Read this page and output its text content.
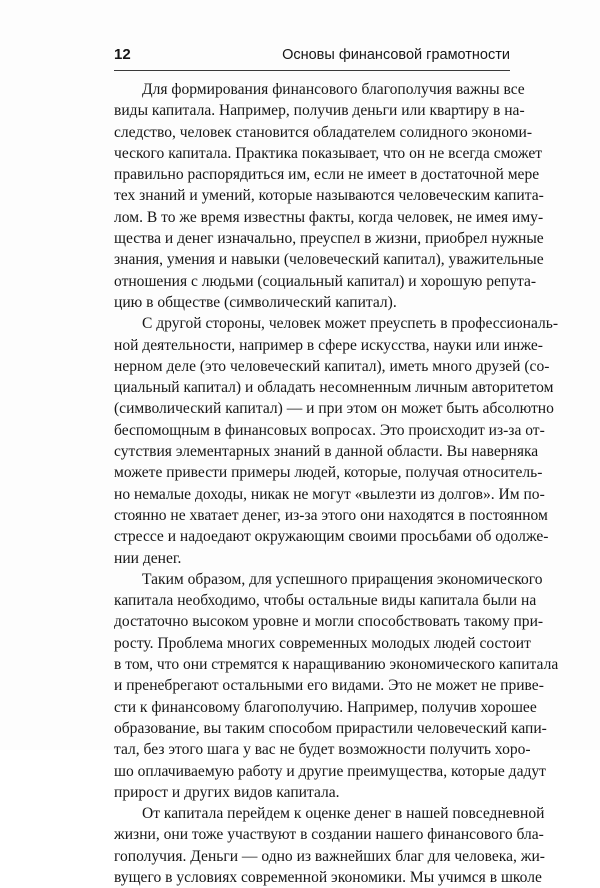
12	Основы финансовой грамотности
Для формирования финансового благополучия важны все
виды капитала. Например, получив деньги или квартиру в на-
следство, человек становится обладателем солидного экономи-
ческого капитала. Практика показывает, что он не всегда сможет
правильно распорядиться им, если не имеет в достаточной мере
тех знаний и умений, которые называются человеческим капита-
лом. В то же время известны факты, когда человек, не имея иму-
щества и денег изначально, преуспел в жизни, приобрел нужные
знания, умения и навыки (человеческий капитал), уважительные
отношения с людьми (социальный капитал) и хорошую репута-
цию в обществе (символический капитал).
С другой стороны, человек может преуспеть в профессиональ-
ной деятельности, например в сфере искусства, науки или инже-
нерном деле (это человеческий капитал), иметь много друзей (со-
циальный капитал) и обладать несомненным личным авторитетом
(символический капитал) — и при этом он может быть абсолютно
беспомощным в финансовых вопросах. Это происходит из-за от-
сутствия элементарных знаний в данной области. Вы наверняка
можете привести примеры людей, которые, получая относитель-
но немалые доходы, никак не могут «вылезти из долгов». Им по-
стоянно не хватает денег, из-за этого они находятся в постоянном
стрессе и надоедают окружающим своими просьбами об одолже-
нии денег.
Таким образом, для успешного приращения экономического
капитала необходимо, чтобы остальные виды капитала были на
достаточно высоком уровне и могли способствовать такому при-
росту. Проблема многих современных молодых людей состоит
в том, что они стремятся к наращиванию экономического капитала
и пренебрегают остальными его видами. Это не может не приве-
сти к финансовому благополучию. Например, получив хорошее
образование, вы таким способом прирастили человеческий капи-
тал, без этого шага у вас не будет возможности получить хоро-
шо оплачиваемую работу и другие преимущества, которые дадут
прирост и других видов капитала.
От капитала перейдем к оценке денег в нашей повседневной
жизни, они тоже участвуют в создании нашего финансового бла-
гополучия. Деньги — одно из важнейших благ для человека, жи-
вущего в условиях современной экономики. Мы учимся в школе
